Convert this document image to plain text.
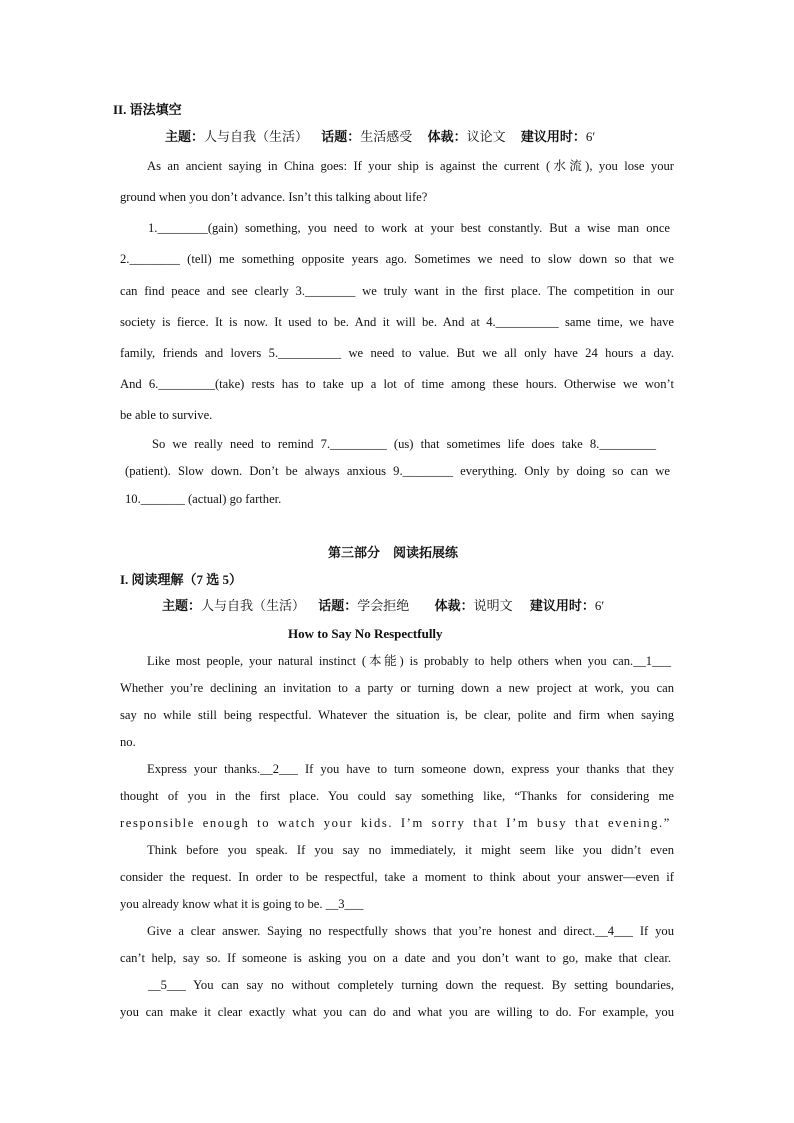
II. 语法填空
主题：人与自我（生活） 话题：生活感受 体裁：议论文 建议用时：6′
As an ancient saying in China goes: If your ship is against the current (水流), you lose your
ground when you don’t advance. Isn’t this talking about life?
1.________(gain) something, you need to work at your best constantly. But a wise man once
2.________ (tell) me something opposite years ago. Sometimes we need to slow down so that we
can find peace and see clearly 3.________ we truly want in the first place. The competition in our
society is fierce. It is now. It used to be. And it will be. And at 4.__________ same time, we have
family, friends and lovers 5.__________ we need to value. But we all only have 24 hours a day.
And 6._________(take) rests has to take up a lot of time among these hours. Otherwise we won’t
be able to survive.
So we really need to remind 7._________ (us) that sometimes life does take 8._________
(patient). Slow down. Don’t be always anxious 9.________ everything. Only by doing so can we
10._______ (actual) go farther.
第三部分　阅读拓展练
I. 阅读理解（7 选 5）
主题：人与自我（生活） 话题：学会拒绝 体裁：说明文 建议用时：6′
How to Say No Respectfully
Like most people, your natural instinct (本能) is probably to help others when you can.__1___
Whether you’re declining an invitation to a party or turning down a new project at work, you can
say no while still being respectful. Whatever the situation is, be clear, polite and firm when saying
no.
Express your thanks.__2___ If you have to turn someone down, express your thanks that they
thought of you in the first place. You could say something like, “Thanks for considering me
responsible enough to watch your kids. I’m sorry that I’m busy that evening.”
Think before you speak. If you say no immediately, it might seem like you didn’t even
consider the request. In order to be respectful, take a moment to think about your answer—even if
you already know what it is going to be. __3___
Give a clear answer. Saying no respectfully shows that you’re honest and direct.__4___ If you
can’t help, say so. If someone is asking you on a date and you don’t want to go, make that clear.
__5___ You can say no without completely turning down the request. By setting boundaries,
you can make it clear exactly what you can do and what you are willing to do. For example, you
